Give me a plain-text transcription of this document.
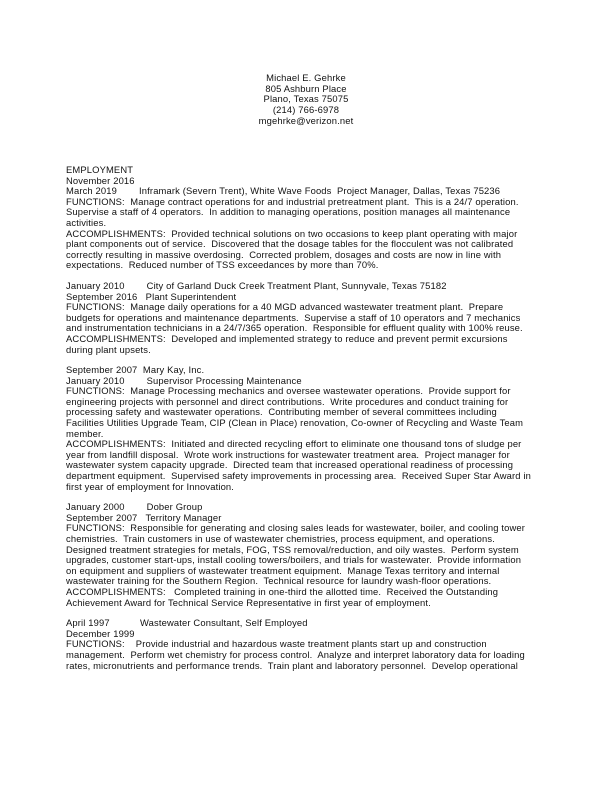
Michael E. Gehrke
805 Ashburn Place
Plano, Texas 75075
(214) 766-6978
mgehrke@verizon.net
EMPLOYMENT
November 2016
March 2019        Inframark (Severn Trent), White Wave Foods  Project Manager, Dallas, Texas 75236
FUNCTIONS:  Manage contract operations for and industrial pretreatment plant.  This is a 24/7 operation.
Supervise a staff of 4 operators.  In addition to managing operations, position manages all maintenance
activities.
ACCOMPLISHMENTS:  Provided technical solutions on two occasions to keep plant operating with major
plant components out of service.  Discovered that the dosage tables for the flocculent was not calibrated
correctly resulting in massive overdosing.  Corrected problem, dosages and costs are now in line with
expectations.  Reduced number of TSS exceedances by more than 70%.
January 2010        City of Garland Duck Creek Treatment Plant, Sunnyvale, Texas 75182
September 2016   Plant Superintendent
FUNCTIONS:  Manage daily operations for a 40 MGD advanced wastewater treatment plant.  Prepare
budgets for operations and maintenance departments.  Supervise a staff of 10 operators and 7 mechanics
and instrumentation technicians in a 24/7/365 operation.  Responsible for effluent quality with 100% reuse.
ACCOMPLISHMENTS:  Developed and implemented strategy to reduce and prevent permit excursions
during plant upsets.
September 2007  Mary Kay, Inc.
January 2010        Supervisor Processing Maintenance
FUNCTIONS:  Manage Processing mechanics and oversee wastewater operations.  Provide support for
engineering projects with personnel and direct contributions.  Write procedures and conduct training for
processing safety and wastewater operations.  Contributing member of several committees including
Facilities Utilities Upgrade Team, CIP (Clean in Place) renovation, Co-owner of Recycling and Waste Team
member.
ACCOMPLISHMENTS:  Initiated and directed recycling effort to eliminate one thousand tons of sludge per
year from landfill disposal.  Wrote work instructions for wastewater treatment area.  Project manager for
wastewater system capacity upgrade.  Directed team that increased operational readiness of processing
department equipment.  Supervised safety improvements in processing area.  Received Super Star Award in
first year of employment for Innovation.
January 2000        Dober Group
September 2007   Territory Manager
FUNCTIONS:  Responsible for generating and closing sales leads for wastewater, boiler, and cooling tower
chemistries.  Train customers in use of wastewater chemistries, process equipment, and operations.
Designed treatment strategies for metals, FOG, TSS removal/reduction, and oily wastes.  Perform system
upgrades, customer start-ups, install cooling towers/boilers, and trials for wastewater.  Provide information
on equipment and suppliers of wastewater treatment equipment.  Manage Texas territory and internal
wastewater training for the Southern Region.  Technical resource for laundry wash-floor operations.
ACCOMPLISHMENTS:   Completed training in one-third the allotted time.  Received the Outstanding
Achievement Award for Technical Service Representative in first year of employment.
April 1997           Wastewater Consultant, Self Employed
December 1999
FUNCTIONS:    Provide industrial and hazardous waste treatment plants start up and construction
management.  Perform wet chemistry for process control.  Analyze and interpret laboratory data for loading
rates, micronutrients and performance trends.  Train plant and laboratory personnel.  Develop operational
